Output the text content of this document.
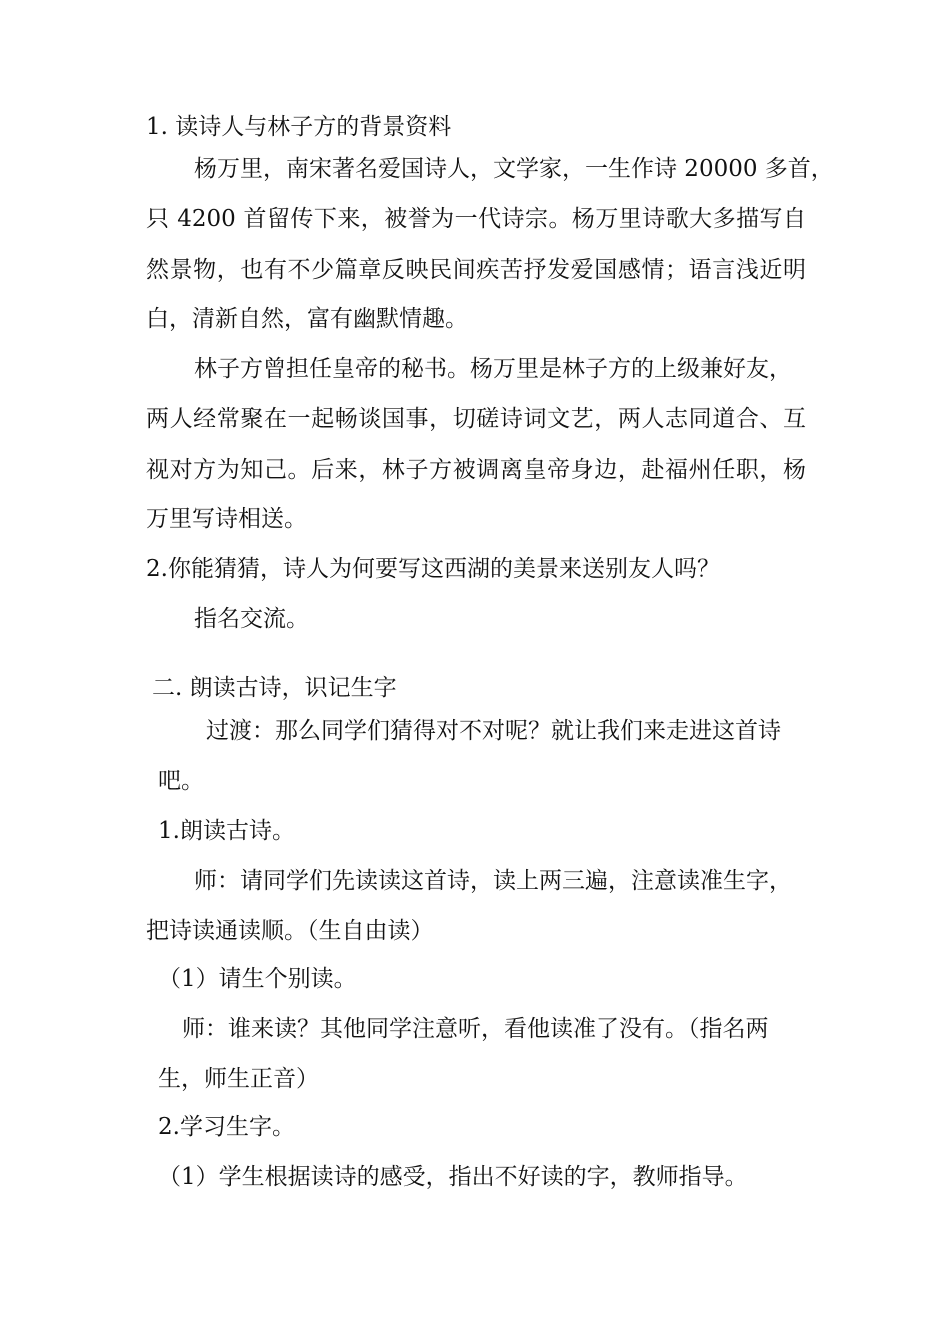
1. 读诗人与林子方的背景资料
杨万里，南宋著名爱国诗人，文学家，一生作诗 20000 多首，
只 4200 首留传下来，被誉为一代诗宗。杨万里诗歌大多描写自
然景物，也有不少篇章反映民间疾苦抒发爱国感情；语言浅近明
白，清新自然，富有幽默情趣。
林子方曾担任皇帝的秘书。杨万里是林子方的上级兼好友，
两人经常聚在一起畅谈国事，切磋诗词文艺，两人志同道合、互
视对方为知己。后来，林子方被调离皇帝身边，赴福州任职，杨
万里写诗相送。
2.你能猜猜，诗人为何要写这西湖的美景来送别友人吗？
指名交流。
二. 朗读古诗，识记生字
过渡：那么同学们猜得对不对呢？就让我们来走进这首诗
吧。
1.朗读古诗。
师：请同学们先读读这首诗，读上两三遍，注意读准生字，
把诗读通读顺。（生自由读）
（1）请生个别读。
师：谁来读？其他同学注意听，看他读准了没有。（指名两
生，师生正音）
2.学习生字。
（1）学生根据读诗的感受，指出不好读的字，教师指导。
